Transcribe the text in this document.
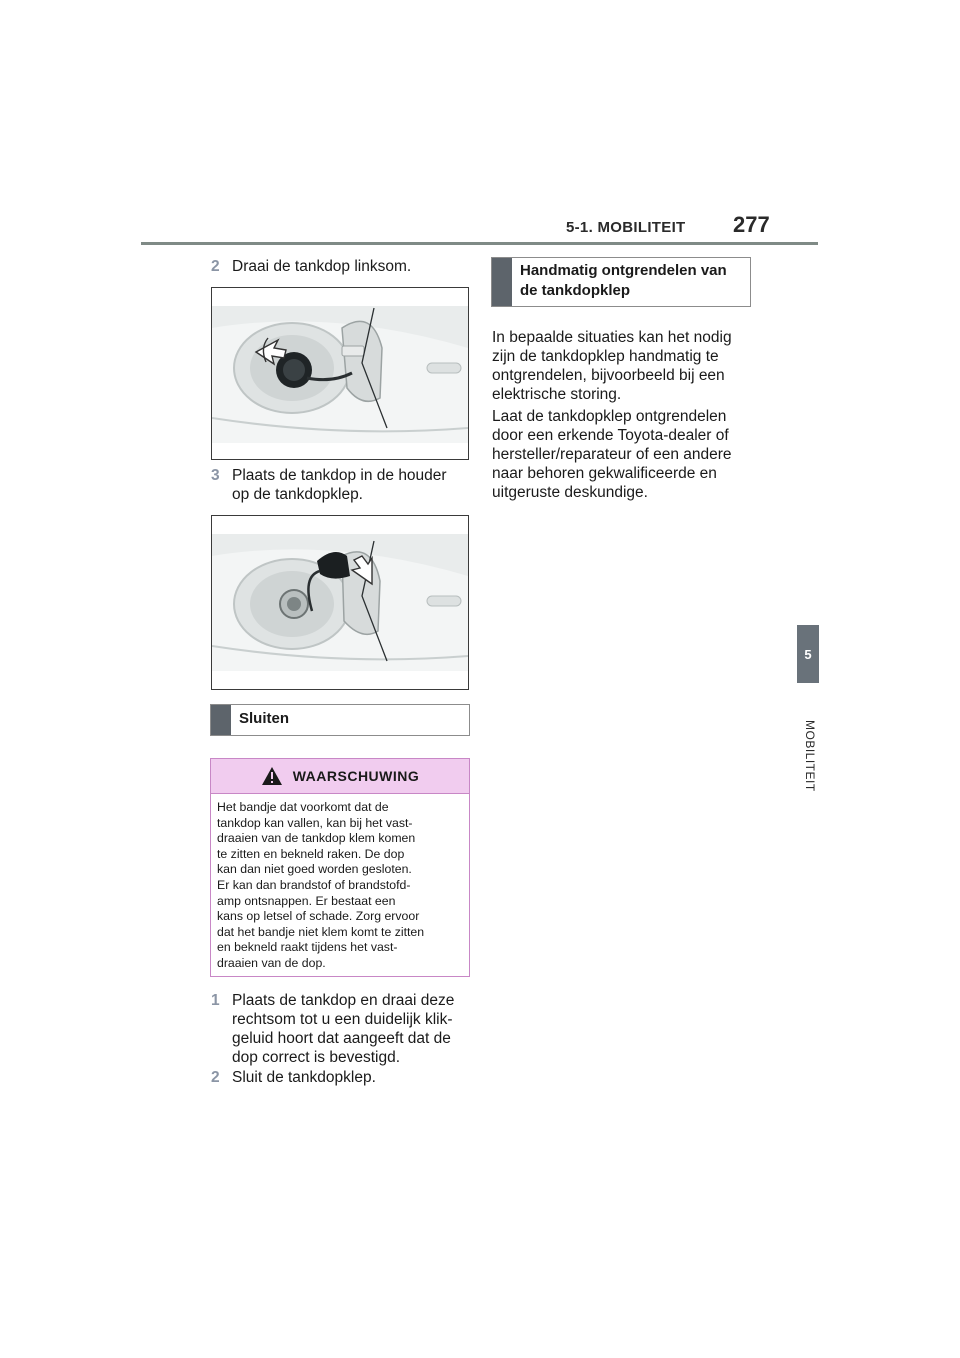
5-1. MOBILITEIT 277
5
MOBILITEIT
2 Draai de tankdop linksom.
3 Plaats de tankdop in de houder
op de tankdopklep.
Sluiten
WAARSCHUWING
Het bandje dat voorkomt dat de
tankdop kan vallen, kan bij het vast-
draaien van de tankdop klem komen
te zitten en bekneld raken. De dop
kan dan niet goed worden gesloten.
Er kan dan brandstof of brandstofd-
amp ontsnappen. Er bestaat een
kans op letsel of schade. Zorg ervoor
dat het bandje niet klem komt te zitten
en bekneld raakt tijdens het vast-
draaien van de dop.
1 Plaats de tankdop en draai deze
rechtsom tot u een duidelijk klik-
geluid hoort dat aangeeft dat de
dop correct is bevestigd.
2 Sluit de tankdopklep.
Handmatig ontgrendelen van
de tankdopklep
In bepaalde situaties kan het nodig
zijn de tankdopklep handmatig te
ontgrendelen, bijvoorbeeld bij een
elektrische storing.
Laat de tankdopklep ontgrendelen
door een erkende Toyota-dealer of
hersteller/reparateur of een andere
naar behoren gekwalificeerde en
uitgeruste deskundige.
